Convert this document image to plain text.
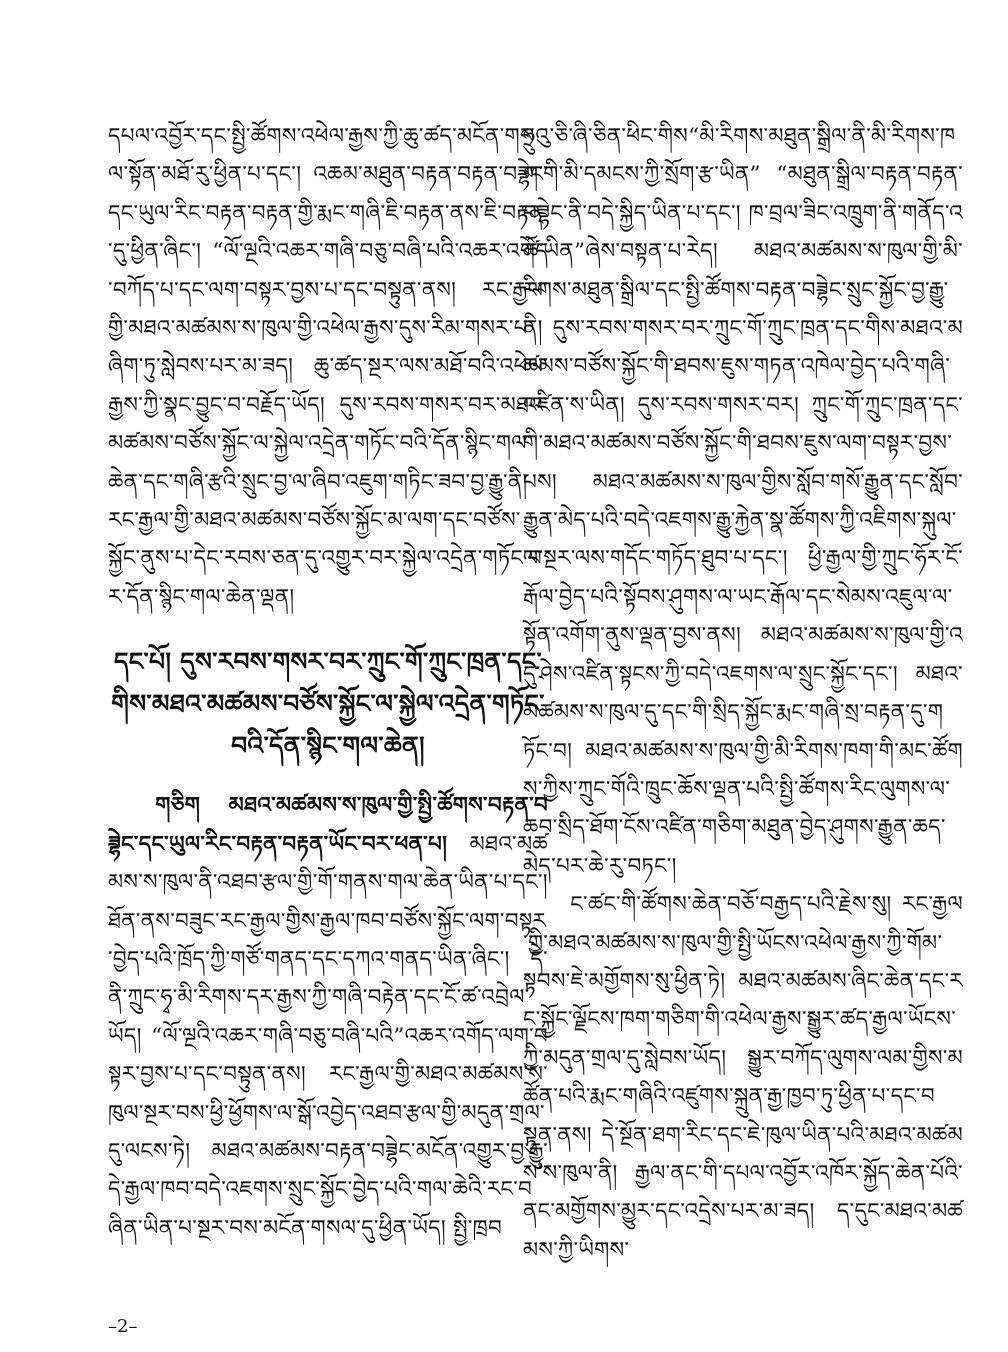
དཔལ་འབྱོར་དང་སྤྱི་ཚོགས་འཕེལ་རྒྱས་ཀྱི་ཆུ་ཚད་མངོན་གསལ་སྟོན་མཐོ་རུ་ཕྱིན་པ་དང་། འཆམ་མཐུན་བརྟན་བརྟན་བཟྷེང་དང་ཡུལ་རིང་བརྟན་བརྟན་གྱི་རྨང་གཞི་ཇི་བརྟན་ནས་ཇི་བརྟན་དུ་ཕྱིན་ཞིང་། “ལོ་ལྔའི་འཆར་གཞི་བཅུ་བཞི་པའི་འཆར་འགོད་བཀོད་པ་དང་ལག་བསྟར་བྱས་པ་དང་བསྟུན་ནས། རང་རྒྱལ་གྱི་མཐའ་མཚམས་ས་ཁུལ་གྱི་འཕེལ་རྒྱས་དུས་རིམ་གསར་པ་ཞིག་ཏུ་སླེབས་པར་མ་ཟད། ཆུ་ཚད་སྔར་ལས་མཐོ་བའི་འཕེལ་རྒྱས་ཀྱི་སྣང་བྱུང་བ་བརྗོད་ཡོད། དུས་རབས་གསར་བར་མཐའ་མཚམས་བཙོས་སྐྱོང་ལ་སྐྱེལ་འདྲེན་གཏོང་བའི་དོན་སྙིང་གལ་ཆེན་དང་གཞི་རྩའི་སྲུང་བྱ་ལ་ཞིབ་འཇུག་གཏིང་ཟབ་བྱ་རྒྱུ་ནི། རང་རྒྱལ་གྱི་མཐའ་མཚམས་བཙོས་སྐྱོང་མ་ལག་དང་བཙོས་སྐྱོང་ནུས་པ་དེང་རབས་ཅན་དུ་འགྱུར་བར་སྐྱེལ་འདྲེན་གཏོང་བར་དོན་སྙིང་གལ་ཆེན་ལྡན།

དང་པོ། དུས་རབས་གསར་བར་ཀྲུང་གོ་ཀྲུང་ཁྲན་དང་གིས་མཐའ་མཚམས་བཙོས་སྐྱོང་ལ་སྐྱེལ་འདྲེན་གཏོང་བའི་དོན་སྙིང་གལ་ཆེན།

གཅིག མཐའ་མཚམས་ས་ཁུལ་གྱི་སྤྱི་ཚོགས་བརྟན་བཟྷེང་དང་ཡུལ་རིང་བརྟན་བརྟན་ཡོང་བར་ཕན་པ། མཐའ་མཚམས་ས་ཁུལ་ནི་འཐབ་རྩལ་གྱི་གོ་གནས་གལ་ཆེན་ཡིན་པ་དང་། ཐོན་ནས་བཟུང་རང་རྒྱལ་གྱིས་རྒྱལ་ཁབ་བཙོས་སྐྱོང་ལག་བསྟར་བྱེད་པའི་ཁྲོད་ཀྱི་གཙོ་གནད་དང་དཀའ་གནད་ཡིན་ཞིང་། དེ་ནི་ཀྲུང་ཧྭ་མི་རིགས་དར་རྒྱས་ཀྱི་གཞི་བརྟེན་དང་ངོ་ཚ་འབྲེལ་ཡོད། “ལོ་ལྔའི་འཆར་གཞི་བཅུ་བཞི་པའི”འཆར་འགོད་ལག་བསྟར་བྱས་པ་དང་བསྟུན་ནས། རང་རྒྱལ་གྱི་མཐའ་མཚམས་ས་ཁུལ་སྔར་བས་ཕྱི་ཕྱོགས་ལ་སྒོ་འབྱེད་འཐབ་རྩལ་གྱི་མདུན་གྲལ་དུ་ལངས་ཏེ། མཐའ་མཚམས་བརྟན་བཟྷེང་མངོན་འགྱུར་བྱ་རྒྱུ་དེ་རྒྱལ་ཁབ་བདེ་འཇགས་སྲུང་སྐྱོང་བྱེད་པའི་གལ་ཆེའི་རང་བཞིན་ཡིན་པ་སྔར་བས་མངོན་གསལ་དུ་ཕྱིན་ཡོད། སྤྱི་ཁྲབ

ཧྲུའུ་ཅི་ཞི་ཅིན་ཕིང་གིས“མི་རིགས་མཐུན་སྒྲིལ་ནི་མི་རིགས་ཁག་གི་མི་དམངས་ཀྱི་སྲོག་རྩ་ཡིན” “མཐུན་སྒྲིལ་བརྟན་བརྟན་བཟྷེང་ནི་བདེ་སྐྱིད་ཡིན་པ་དང་། ཁ་བྲལ་ཟིང་འཁྲུག་ནི་གནོད་འཚེ་ཡིན”ཞེས་བསྟན་པ་རེད། མཐའ་མཚམས་ས་ཁུལ་གྱི་མི་རིགས་མཐུན་སྒྲིལ་དང་སྤྱི་ཚོགས་བརྟན་བཟྷེང་སྲུང་སྐྱོང་བྱ་རྒྱུ་ནི། དུས་རབས་གསར་བར་ཀྲུང་གོ་ཀྲུང་ཁྲན་དང་གིས་མཐའ་མཚམས་བཙོས་སྐྱོང་གི་ཐབས་ཇུས་གཏན་འཁེལ་བྱེད་པའི་གཞི་འཛིན་ས་ཡིན། དུས་རབས་གསར་བར། ཀྲུང་གོ་ཀྲུང་ཁྲན་དང་གི་མཐའ་མཚམས་བཙོས་སྐྱོང་གི་ཐབས་ཇུས་ལག་བསྟར་བྱས་པས། མཐའ་མཚམས་ས་ཁུལ་གྱིས་སློབ་གསོ་རྒྱུན་དང་སློབ་རྒྱུན་མེད་པའི་བདེ་འཇགས་རྒྱུ་རྐྱེན་སྣ་ཚོགས་ཀྱི་འཇིགས་སྐུལ་ལ་སྔར་ལས་གདོང་གཏོད་ཐུབ་པ་དང་། ཕྱི་རྒྱལ་གྱི་ཀྲུང་ཧོར་ངོ་རྒོལ་བྱེད་པའི་སྟོབས་ཤུགས་ལ་ཡང་རྒོལ་དང་སེམས་འཇུལ་ལ་སྟོན་འགོག་ནུས་ལྡན་བྱས་ནས། མཐའ་མཚམས་ས་ཁུལ་གྱི་འདུ་ཤེས་འཛིན་སྟངས་ཀྱི་བདེ་འཇགས་ལ་སྲུང་སྐྱོང་དང་། མཐའ་མཚམས་ས་ཁུལ་དུ་དང་གི་སྲིད་སྐྱོང་རྨང་གཞི་སྲ་བརྟན་དུ་གཏོང་བ། མཐའ་མཚམས་ས་ཁུལ་གྱི་མི་རིགས་ཁག་གི་མང་ཚོགས་ཀྱིས་ཀྲུང་གོའི་ཁྲུང་ཆོས་ལྡན་པའི་སྤྱི་ཚོགས་རིང་ལུགས་ལ་ཆབ་སྲིད་ཐོག་ངོས་འཛིན་གཅིག་མཐུན་བྱེད་ཤུགས་རྒྱུན་ཆད་མེད་པར་ཆེ་རུ་བཏང་།

ང་ཚང་གི་ཚོགས་ཆེན་བཅོ་བརྒྱད་པའི་རྗེས་སུ། རང་རྒྱལ་གྱི་མཐའ་མཚམས་ས་ཁུལ་གྱི་སྤྱི་ཡོངས་འཕེལ་རྒྱས་ཀྱི་གོམ་སྟབས་ཇེ་མགྱོགས་སུ་ཕྱིན་ཏེ། མཐའ་མཚམས་ཞིང་ཆེན་དང་རང་སྐྱོང་ལྗོངས་ཁག་གཅིག་གི་འཕེལ་རྒྱས་སྒྱུར་ཚད་རྒྱལ་ཡོངས་ཀྱི་མདུན་གྲལ་དུ་སླེབས་ཡོད། སྒྱུར་བཀོད་ལུགས་ལམ་གྱིས་མཚོན་པའི་རྨང་གཞིའི་འཛུགས་སྐྲུན་རྒྱ་ཁྱབ་ཏུ་ཕྱིན་པ་དང་བསྟུན་ནས། དེ་སྔོན་ཐག་རིང་དང་ཇེ་ཁུལ་ཡིན་པའི་མཐའ་མཚམས་ས་ཁུལ་ནི། རྒྱལ་ནང་གི་དཔལ་འབྱོར་འཁོར་སྐྱོད་ཆེན་པོའི་ནང་མགྱོགས་མྱུར་དང་འདྲེས་པར་མ་ཟད། ད་དུང་མཐའ་མཚམས་ཀྱི་ཡིགས་

–2–
